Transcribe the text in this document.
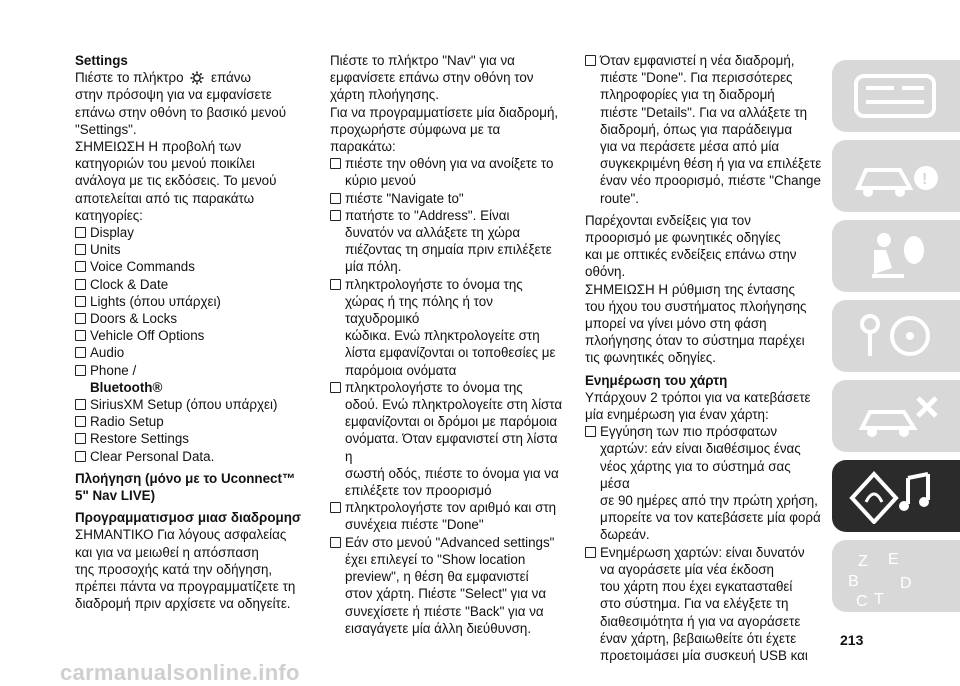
Settings

Πιέστε το πλήκτρο επάνω

στην πρόσοψη για να εμφανίσετε

επάνω στην οθόνη το βασικό μενού

"Settings".

ΣΗΜΕΙΩΣΗ Η προβολή των

κατηγοριών του μενού ποικίλει

ανάλογα με τις εκδόσεις. Το μενού

αποτελείται από τις παρακάτω

κατηγορίες:

Display
Units
Voice Commands
Clock & Date
Lights (όπου υπάρχει)
Doors & Locks
Vehicle Off Options
Audio
Phone /
Bluetooth®
SiriusXM Setup (όπου υπάρχει)
Radio Setup
Restore Settings
Clear Personal Data.

Πλοήγηση (μόνο με το Uconnect™

5" Nav LIVE)

Προγραμματισμοσ μιασ διαδρομησ

ΣΗΜΑΝΤΙΚΟ Για λόγους ασφαλείας

και για να μειωθεί η απόσπαση

της προσοχής κατά την οδήγηση,

πρέπει πάντα να προγραμματίζετε τη

διαδρομή πριν αρχίσετε να οδηγείτε.

Πιέστε το πλήκτρο "Nav" για να

εμφανίσετε επάνω στην οθόνη τον

χάρτη πλοήγησης.

Για να προγραμματίσετε μία διαδρομή,

προχωρήστε σύμφωνα με τα

παρακάτω:

πιέστε την οθόνη για να ανοίξετε το
κύριο μενού
πιέστε "Navigate to"
πατήστε το "Address". Είναι
δυνατόν να αλλάξετε τη χώρα
πιέζοντας τη σημαία πριν επιλέξετε
μία πόλη.
πληκτρολογήστε το όνομα της
χώρας ή της πόλης ή τον ταχυδρομικό
κώδικα. Ενώ πληκτρολογείτε στη
λίστα εμφανίζονται οι τοποθεσίες με
παρόμοια ονόματα
πληκτρολογήστε το όνομα της
οδού. Ενώ πληκτρολογείτε στη λίστα
εμφανίζονται οι δρόμοι με παρόμοια
ονόματα. Όταν εμφανιστεί στη λίστα η
σωστή οδός, πιέστε το όνομα για να
επιλέξετε τον προορισμό
πληκτρολογήστε τον αριθμό και στη
συνέχεια πιέστε "Done"
Εάν στο μενού "Advanced settings"
έχει επιλεγεί το "Show location
preview", η θέση θα εμφανιστεί
στον χάρτη. Πιέστε "Select" για να
συνεχίσετε ή πιέστε "Back" για να
εισαγάγετε μία άλλη διεύθυνση.
Όταν εμφανιστεί η νέα διαδρομή,
πιέστε "Done". Για περισσότερες
πληροφορίες για τη διαδρομή
πιέστε "Details". Για να αλλάξετε τη
διαδρομή, όπως για παράδειγμα
για να περάσετε μέσα από μία
συγκεκριμένη θέση ή για να επιλέξετε
έναν νέο προορισμό, πιέστε "Change
route".

Παρέχονται ενδείξεις για τον

προορισμό με φωνητικές οδηγίες

και με οπτικές ενδείξεις επάνω στην

οθόνη.

ΣΗΜΕΙΩΣΗ Η ρύθμιση της έντασης

του ήχου του συστήματος πλοήγησης

μπορεί να γίνει μόνο στη φάση

πλοήγησης όταν το σύστημα παρέχει

τις φωνητικές οδηγίες.

Ενημέρωση του χάρτη

Υπάρχουν 2 τρόποι για να κατεβάσετε

μία ενημέρωση για έναν χάρτη:

Εγγύηση των πιο πρόσφατων
χαρτών: εάν είναι διαθέσιμος ένας
νέος χάρτης για το σύστημά σας μέσα
σε 90 ημέρες από την πρώτη χρήση,
μπορείτε να τον κατεβάσετε μία φορά
δωρεάν.
Ενημέρωση χαρτών: είναι δυνατόν
να αγοράσετε μία νέα έκδοση
του χάρτη που έχει εγκατασταθεί
στο σύστημα. Για να ελέγξετε τη
διαθεσιμότητα ή για να αγοράσετε
έναν χάρτη, βεβαιωθείτε ότι έχετε
προετοιμάσει μία συσκευή USB και
213
carmanualsonline.info
!
Z E
B	D
C T
